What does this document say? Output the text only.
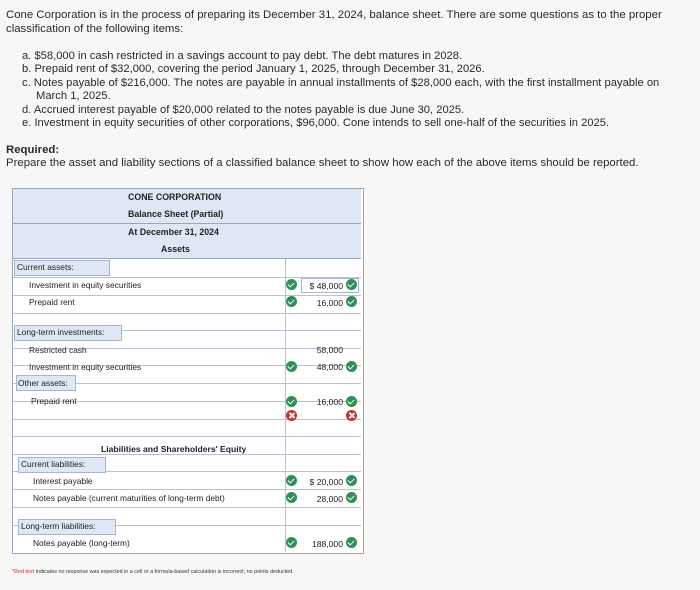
Cone Corporation is in the process of preparing its December 31, 2024, balance sheet. There are some questions as to the proper classification of the following items:

a. $58,000 in cash restricted in a savings account to pay debt. The debt matures in 2028.

b. Prepaid rent of $32,000, covering the period January 1, 2025, through December 31, 2026.

c. Notes payable of $216,000. The notes are payable in annual installments of $28,000 each, with the first installment payable on

March 1, 2025.

d. Accrued interest payable of $20,000 related to the notes payable is due June 30, 2025.

e. Investment in equity securities of other corporations, $96,000. Cone intends to sell one-half of the securities in 2025.

Required:
Prepare the asset and liability sections of a classified balance sheet to show how each of the above items should be reported.
CONE CORPORATION
Balance Sheet (Partial)
At December 31, 2024
Assets
Current assets:
Investment in equity securities	$ 48,000
Prepaid rent	16,000
Long-term investments:
Restricted cash	58,000
Investment in equity securities	48,000
Other assets:
Prepaid rent	16,000
Liabilities and Shareholders' Equity
Current liabilities:
Interest payable	$ 20,000
Notes payable (current maturities of long-term debt)	28,000
Long-term liabilities:
Notes payable (long-term)	188,000
*Red text indicates no response was expected in a cell or a formula-based calculation is incorrect; no points deducted.
